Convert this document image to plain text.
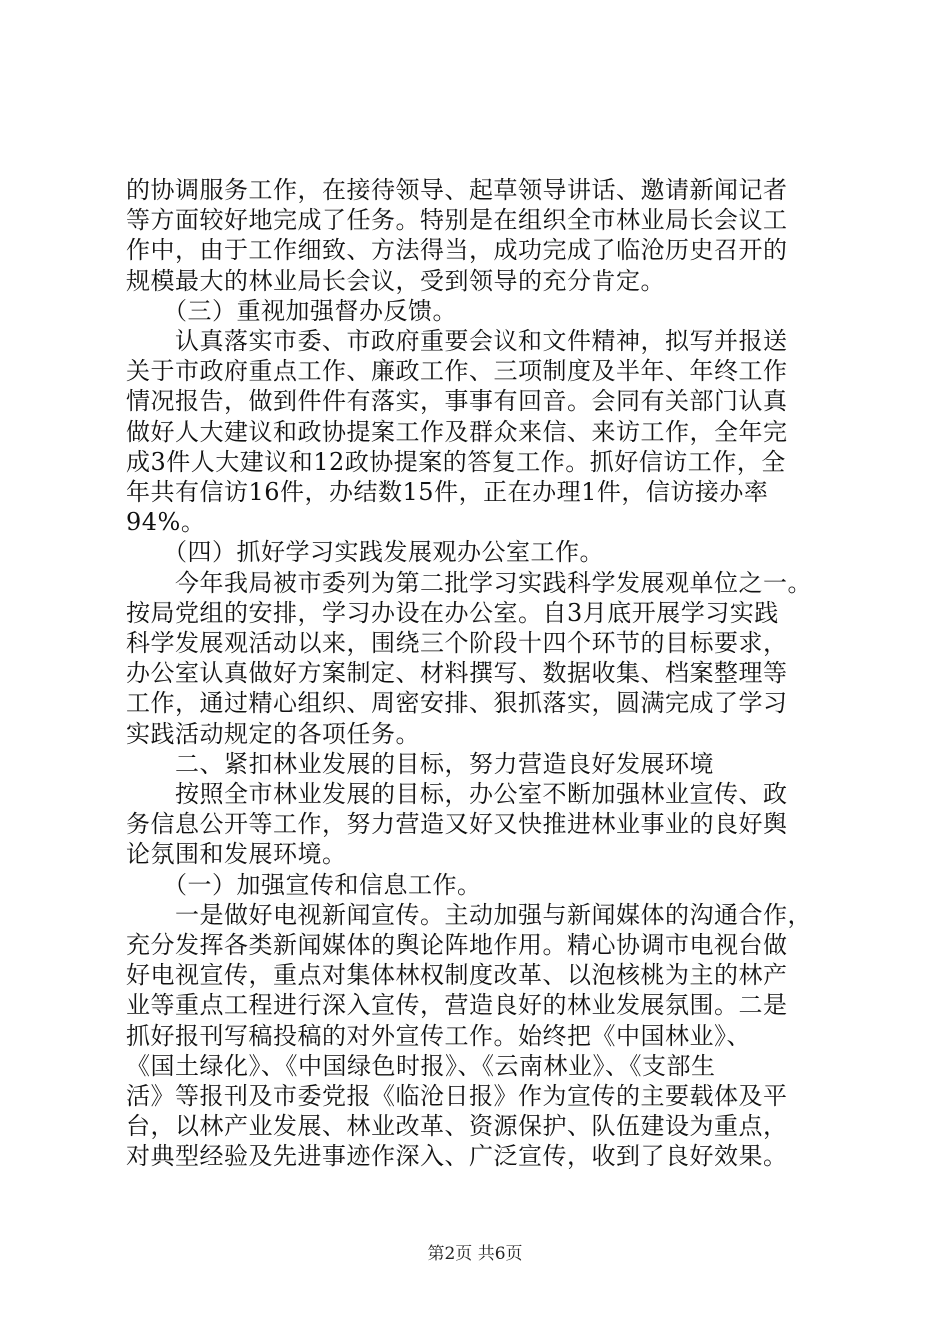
的协调服务工作，在接待领导、起草领导讲话、邀请新闻记者
等方面较好地完成了任务。特别是在组织全市林业局长会议工
作中，由于工作细致、方法得当，成功完成了临沧历史召开的
规模最大的林业局长会议，受到领导的充分肯定。
　　（三）重视加强督办反馈。
　　认真落实市委、市政府重要会议和文件精神，拟写并报送
关于市政府重点工作、廉政工作、三项制度及半年、年终工作
情况报告，做到件件有落实，事事有回音。会同有关部门认真
做好人大建议和政协提案工作及群众来信、来访工作，全年完
成3件人大建议和12政协提案的答复工作。抓好信访工作，全
年共有信访16件，办结数15件，正在办理1件，信访接办率
94%。
　　（四）抓好学习实践发展观办公室工作。
　　今年我局被市委列为第二批学习实践科学发展观单位之一。
按局党组的安排，学习办设在办公室。自3月底开展学习实践
科学发展观活动以来，围绕三个阶段十四个环节的目标要求，
办公室认真做好方案制定、材料撰写、数据收集、档案整理等
工作，通过精心组织、周密安排、狠抓落实，圆满完成了学习
实践活动规定的各项任务。
　　二、紧扣林业发展的目标，努力营造良好发展环境
　　按照全市林业发展的目标，办公室不断加强林业宣传、政
务信息公开等工作，努力营造又好又快推进林业事业的良好舆
论氛围和发展环境。
　　（一）加强宣传和信息工作。
　　一是做好电视新闻宣传。主动加强与新闻媒体的沟通合作，
充分发挥各类新闻媒体的舆论阵地作用。精心协调市电视台做
好电视宣传，重点对集体林权制度改革、以泡核桃为主的林产
业等重点工程进行深入宣传，营造良好的林业发展氛围。二是
抓好报刊写稿投稿的对外宣传工作。始终把《中国林业》、
《国土绿化》、《中国绿色时报》、《云南林业》、《支部生
活》等报刊及市委党报《临沧日报》作为宣传的主要载体及平
台，以林产业发展、林业改革、资源保护、队伍建设为重点，
对典型经验及先进事迹作深入、广泛宣传，收到了良好效果。
第2页 共6页
